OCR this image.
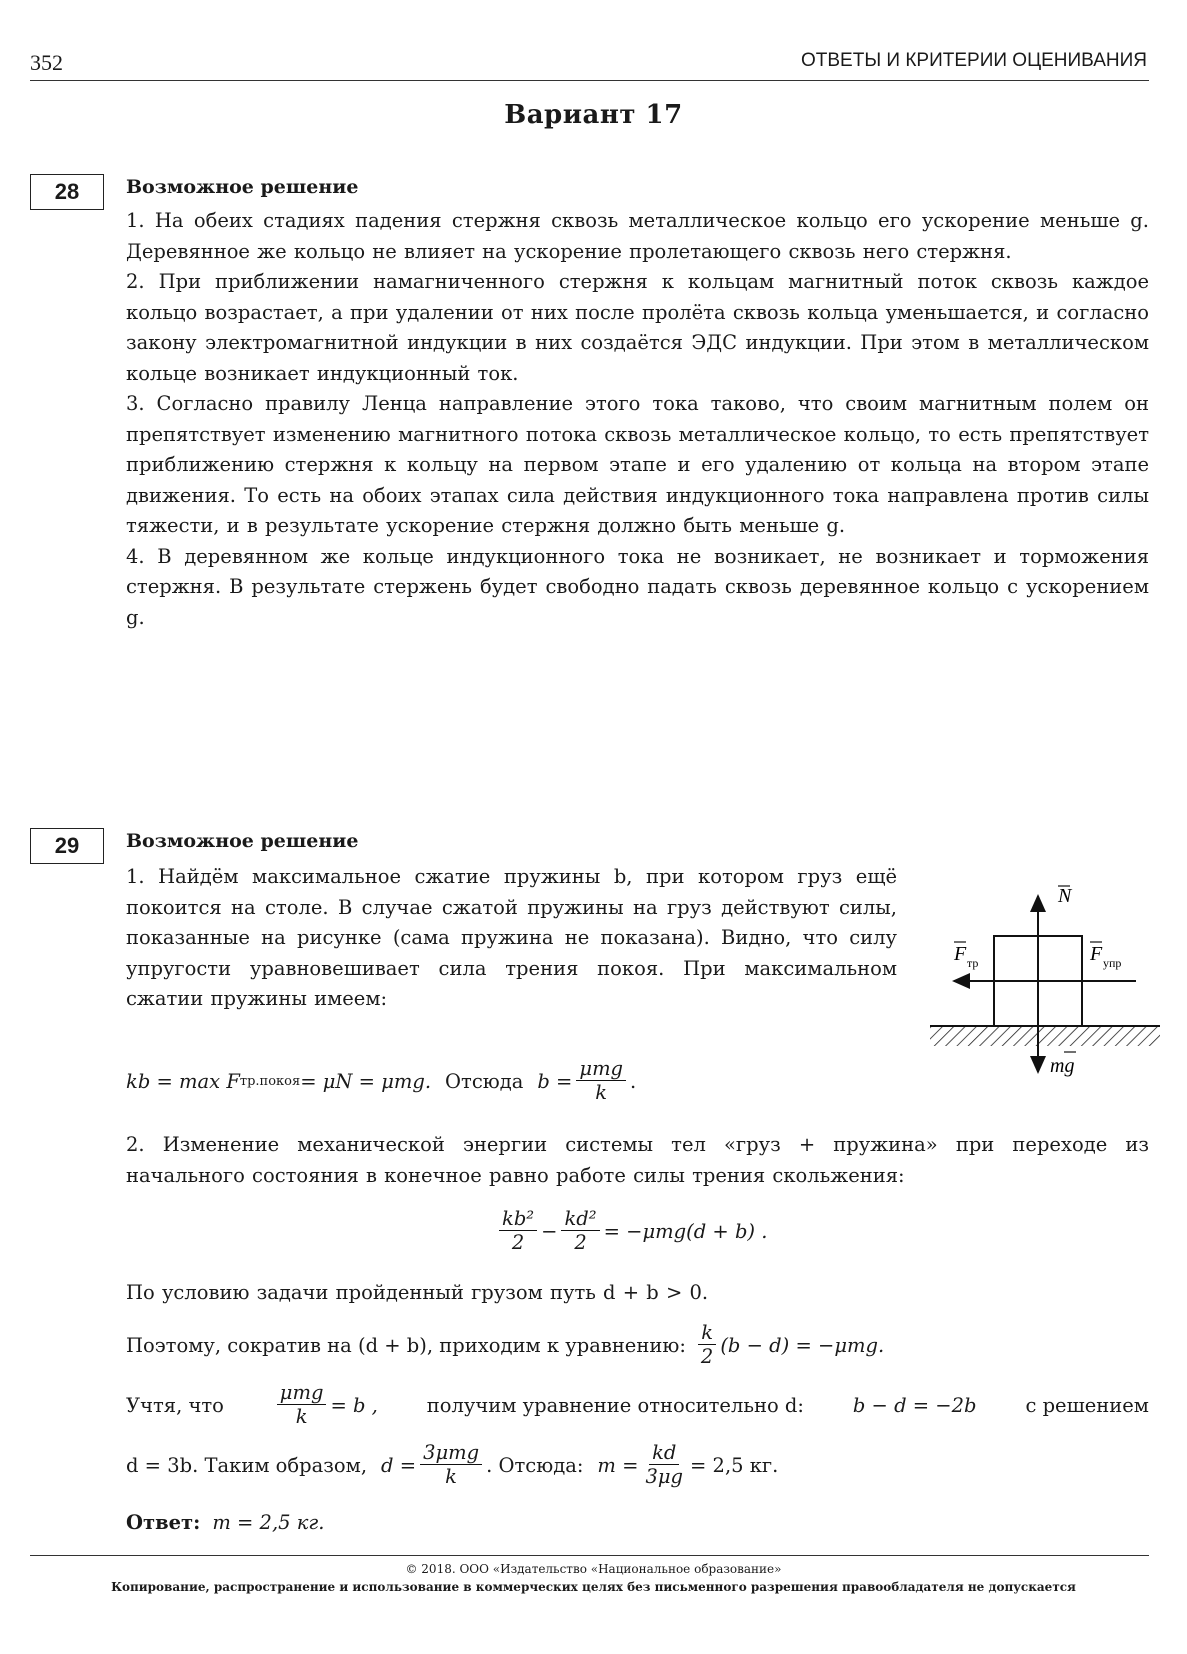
352	ОТВЕТЫ И КРИТЕРИИ ОЦЕНИВАНИЯ
Вариант 17
28	Возможное решение

1. На обеих стадиях падения стержня сквозь металлическое кольцо его ускорение меньше g. Деревянное же кольцо не влияет на ускорение пролетающего сквозь него стержня.

2. При приближении намагниченного стержня к кольцам магнитный поток сквозь каждое кольцо возрастает, а при удалении от них после пролёта сквозь кольца уменьшается, и согласно закону электромагнитной индукции в них создаётся ЭДС индукции. При этом в металлическом кольце возникает индукционный ток.

3. Согласно правилу Ленца направление этого тока таково, что своим магнитным полем он препятствует изменению магнитного потока сквозь металлическое кольцо, то есть препятствует приближению стержня к кольцу на первом этапе и его удалению от кольца на втором этапе движения. То есть на обоих этапах сила действия индукционного тока направлена против силы тяжести, и в результате ускорение стержня должно быть меньше g.

4. В деревянном же кольце индукционного тока не возникает, не возникает и торможения стержня. В результате стержень будет свободно падать сквозь деревянное кольцо с ускорением g.

29	Возможное решение
1. Найдём максимальное сжатие пружины b, при котором груз ещё покоится на столе. В случае сжатой пружины на груз действуют силы, показанные на рисунке (сама пружина не показана). Видно, что силу упругости уравновешивает сила трения покоя. При максимальном сжатии пружины имеем:
kb = max F тр.покоя = μN = μmg. Отсюда $b = \frac{\text{μmg}}{k}$ .
N
F тр	F упр
mg
2. Изменение механической энергии системы тел «груз + пружина» при переходе из начального состояния в конечное равно работе силы трения скольжения:
$\frac{\text{kb²}}{2} - \frac{\text{kd²}}{2} = -\mu mg(d + b)$ .
По условию задачи пройденный грузом путь d + b > 0.
Поэтому, сократив на (d + b), приходим к уравнению: $\frac{k}{2} (b - d) = -\mu mg$.
Учтя, что	$\frac{\text{μmg}}{k} = b$ ,	получим уравнение относительно d:	b − d = −2b	с решением
d = 3b. Таким образом, $d = \frac{\text{3μmg}}{k}$ . Отсюда: $m = \frac{kd}{3\mu g} = 2,5$ кг.
Ответ: m = 2,5 кг.
© 2018. ООО «Издательство «Национальное образование»
Копирование, распространение и использование в коммерческих целях без письменного разрешения правообладателя не допускается
